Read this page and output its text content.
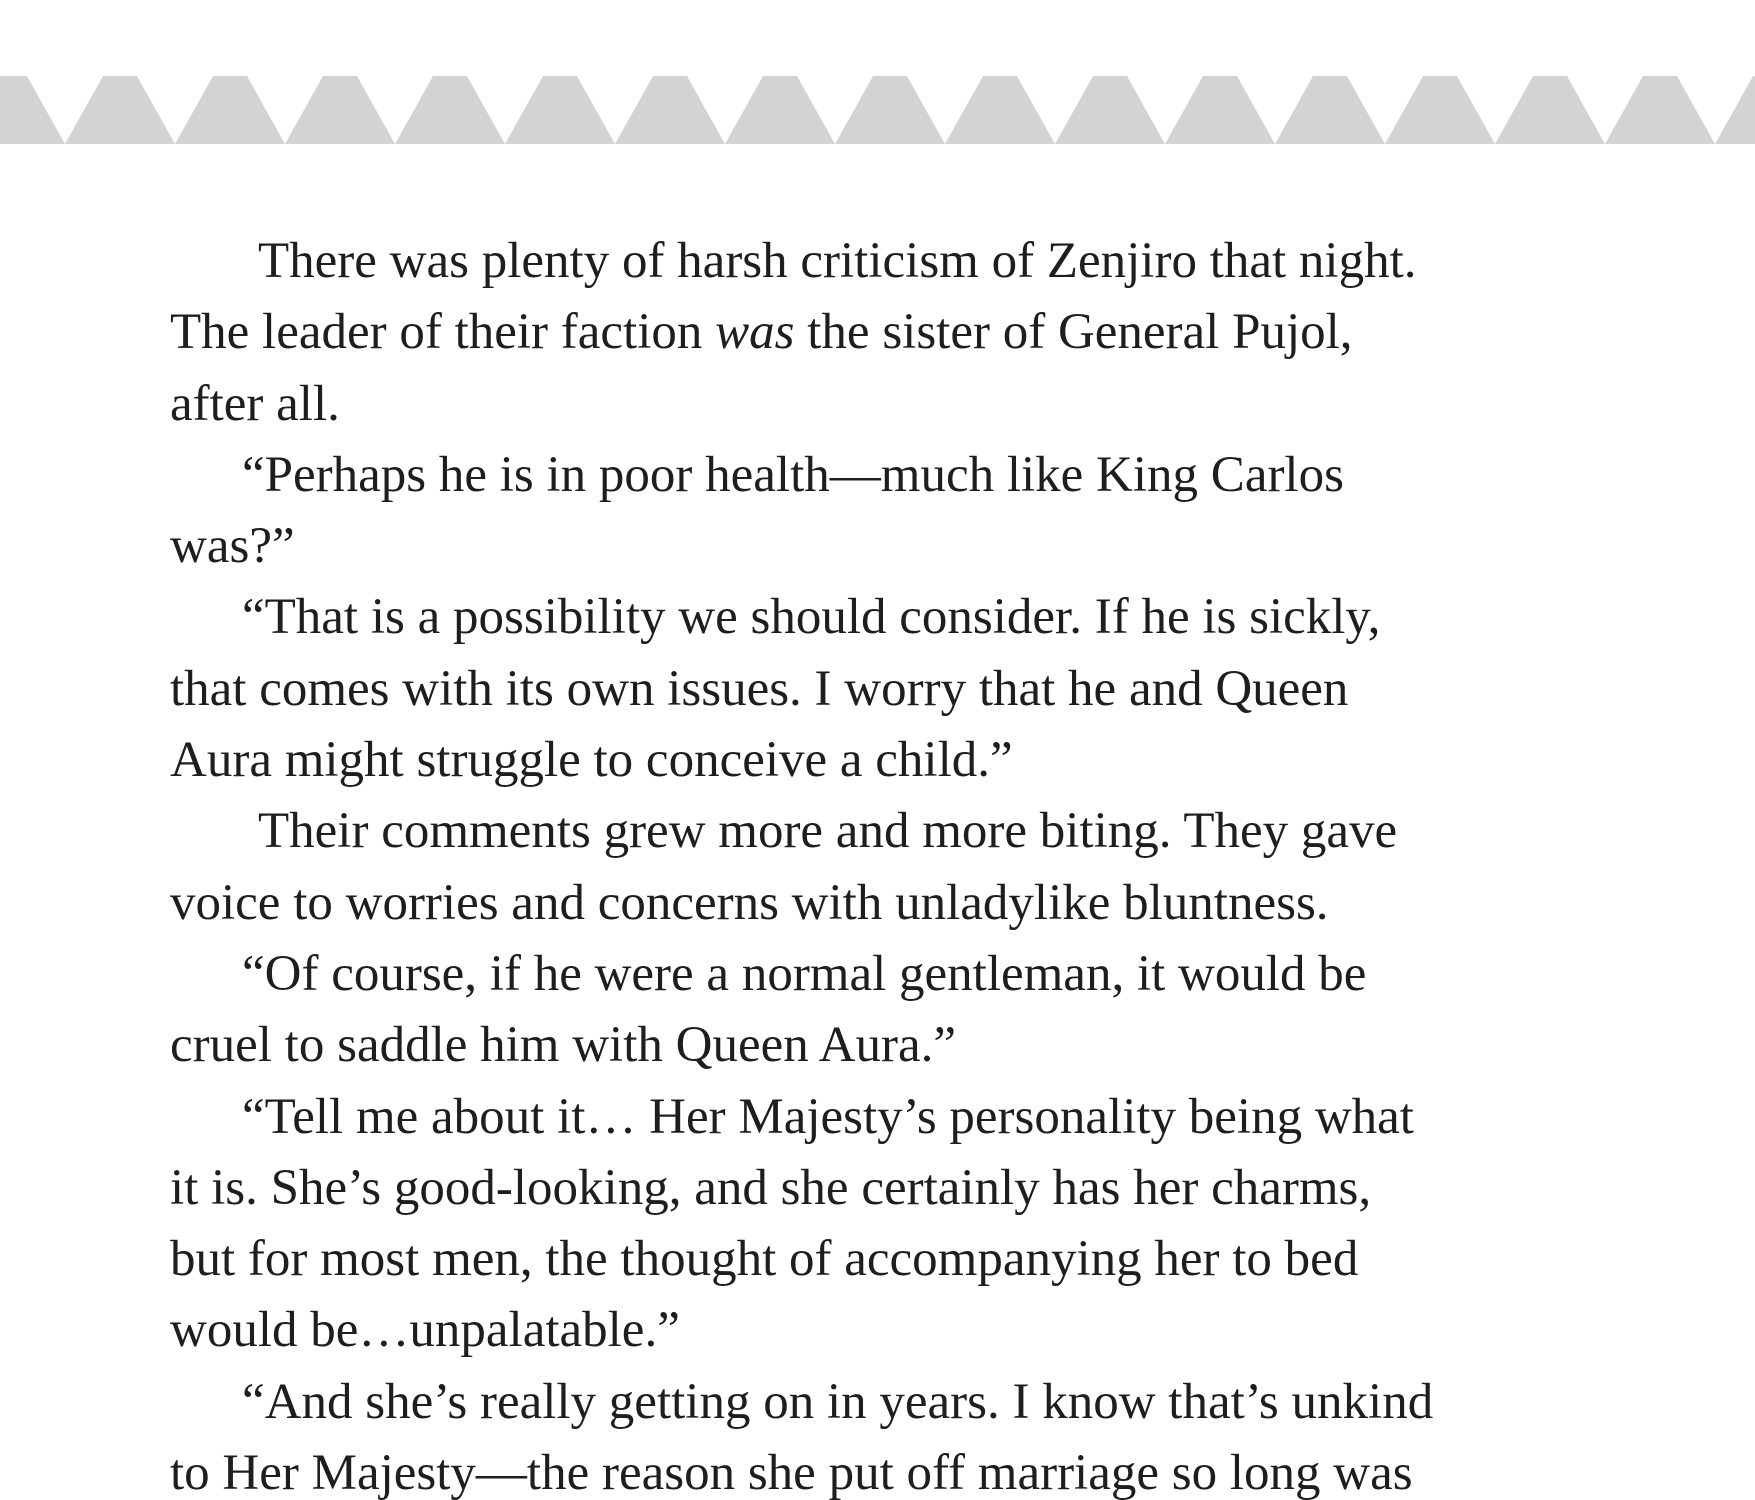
There was plenty of harsh criticism of Zenjiro that night.
The leader of their faction was the sister of General Pujol,
after all.
“Perhaps he is in poor health—much like King Carlos
was?”
“That is a possibility we should consider. If he is sickly,
that comes with its own issues. I worry that he and Queen
Aura might struggle to conceive a child.”
Their comments grew more and more biting. They gave
voice to worries and concerns with unladylike bluntness.
“Of course, if he were a normal gentleman, it would be
cruel to saddle him with Queen Aura.”
“Tell me about it… Her Majesty’s personality being what
it is. She’s good-looking, and she certainly has her charms,
but for most men, the thought of accompanying her to bed
would be…unpalatable.”
“And she’s really getting on in years. I know that’s unkind
to Her Majesty—the reason she put off marriage so long was
